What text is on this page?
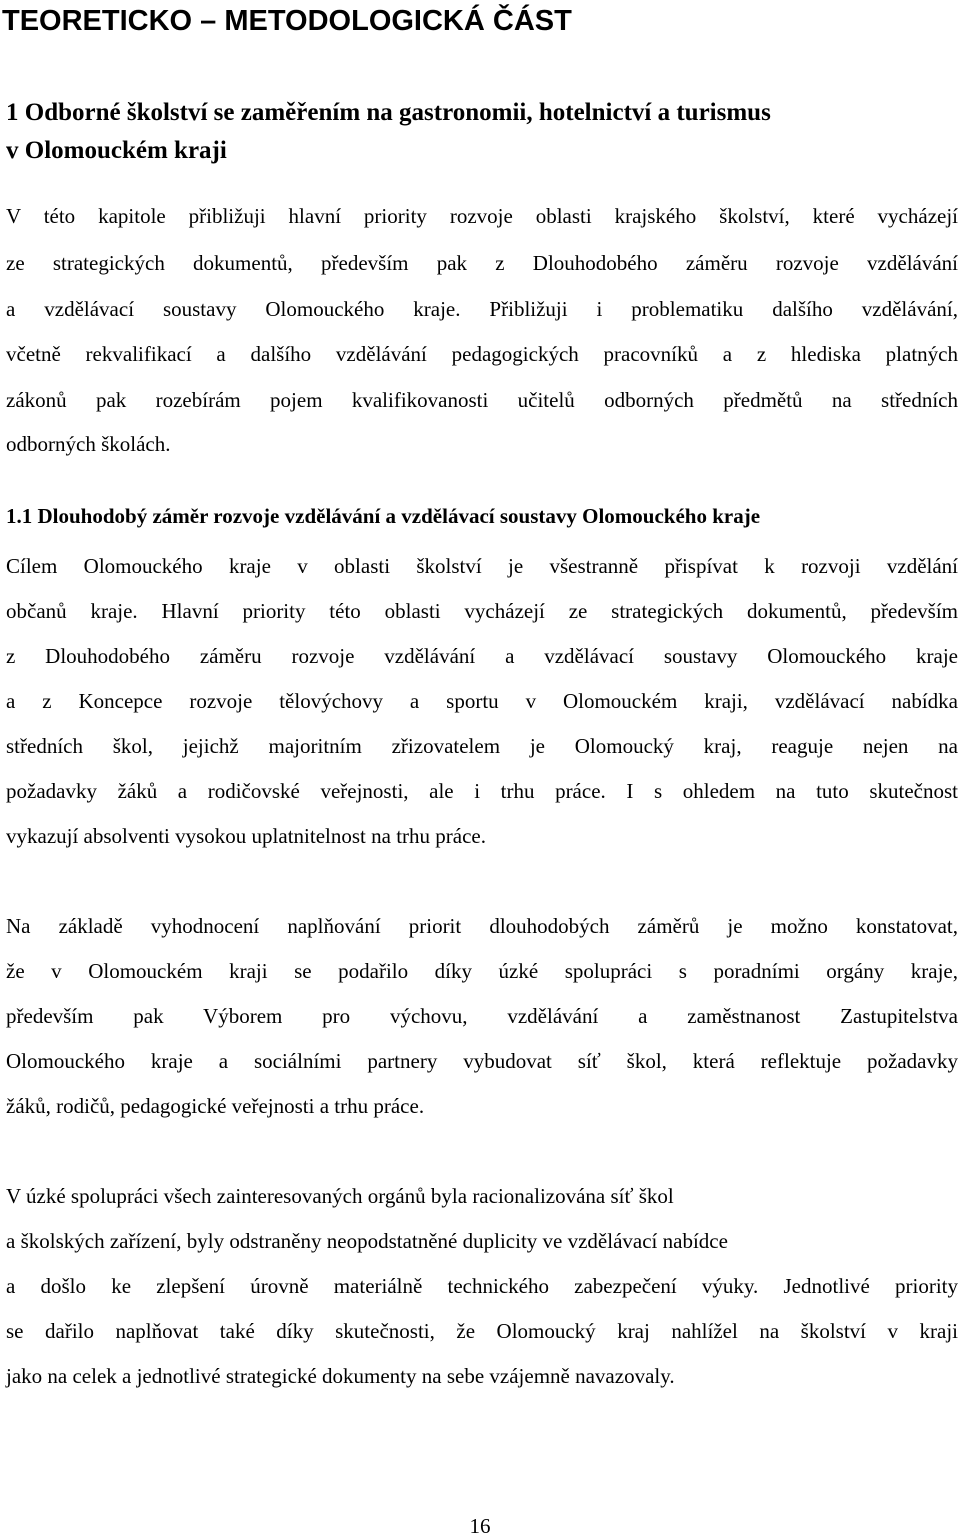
TEORETICKO – METODOLOGICKÁ ČÁST
1 Odborné školství se zaměřením na gastronomii, hotelnictví a turismus
v Olomouckém kraji
V této kapitole přibližuji hlavní priority rozvoje oblasti krajského školství, které vycházejí
ze strategických dokumentů, především pak z Dlouhodobého záměru rozvoje vzdělávání
a vzdělávací soustavy Olomouckého kraje. Přibližuji i problematiku dalšího vzdělávání,
včetně rekvalifikací a dalšího vzdělávání pedagogických pracovníků a z hlediska platných
zákonů pak rozebírám pojem kvalifikovanosti učitelů odborných předmětů na středních
odborných školách.
1.1 Dlouhodobý záměr rozvoje vzdělávání a vzdělávací soustavy Olomouckého kraje
Cílem Olomouckého kraje v oblasti školství je všestranně přispívat k rozvoji vzdělání
občanů kraje. Hlavní priority této oblasti vycházejí ze strategických dokumentů, především
z Dlouhodobého záměru rozvoje vzdělávání a vzdělávací soustavy Olomouckého kraje
a z Koncepce rozvoje tělovýchovy a sportu v Olomouckém kraji, vzdělávací nabídka
středních škol, jejichž majoritním zřizovatelem je Olomoucký kraj, reaguje nejen na
požadavky žáků a rodičovské veřejnosti, ale i trhu práce. I s ohledem na tuto skutečnost
vykazují absolventi vysokou uplatnitelnost na trhu práce.
Na základě vyhodnocení naplňování priorit dlouhodobých záměrů je možno konstatovat,
že v Olomouckém kraji se podařilo díky úzké spolupráci s poradními orgány kraje,
především pak Výborem pro výchovu, vzdělávání a zaměstnanost Zastupitelstva
Olomouckého kraje a sociálními partnery vybudovat síť škol, která reflektuje požadavky
žáků, rodičů, pedagogické veřejnosti a trhu práce.
V úzké spolupráci všech zainteresovaných orgánů byla racionalizována síť škol
a školských zařízení, byly odstraněny neopodstatněné duplicity ve vzdělávací nabídce
a došlo ke zlepšení úrovně materiálně technického zabezpečení výuky. Jednotlivé priority
se dařilo naplňovat také díky skutečnosti, že Olomoucký kraj nahlížel na školství v kraji
jako na celek a jednotlivé strategické dokumenty na sebe vzájemně navazovaly.
16
